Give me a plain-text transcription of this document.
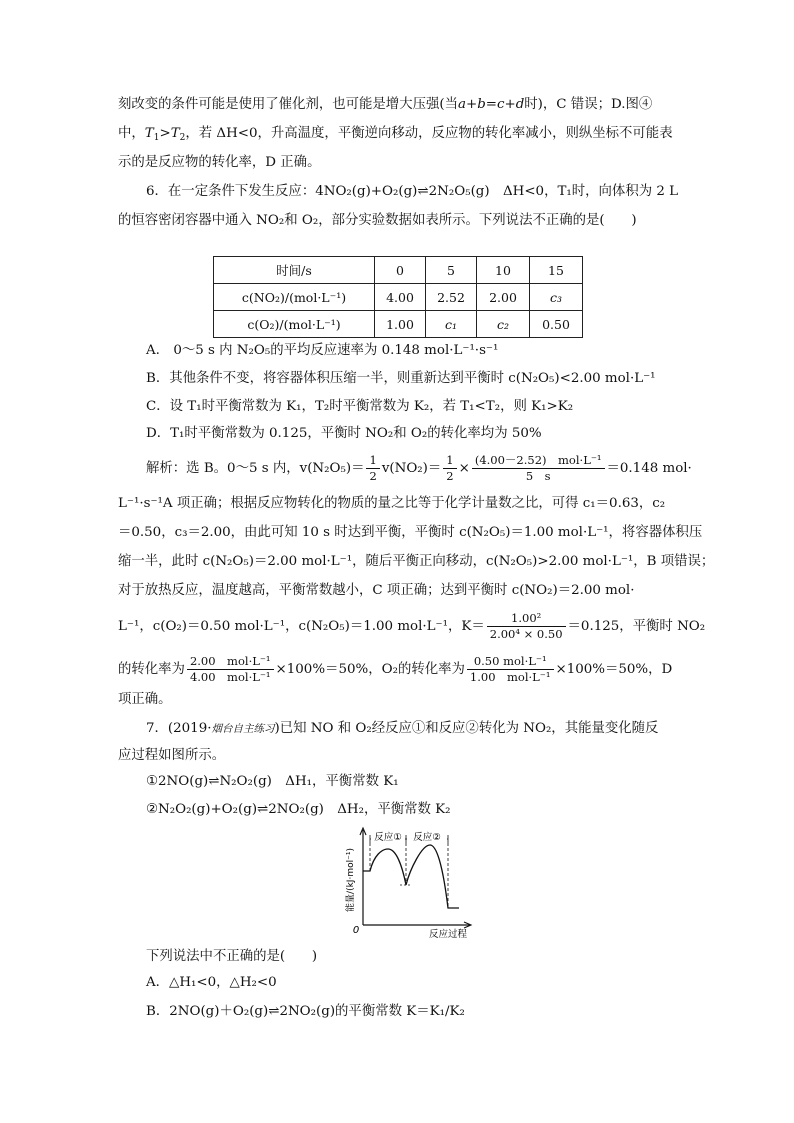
刻改变的条件可能是使用了催化剂，也可能是增大压强(当a+b=c+d时)，C 错误；D.图④
中，$T_1>T_2$，若 ΔH<0，升高温度，平衡逆向移动，反应物的转化率减小，则纵坐标不可能表
示的是反应物的转化率，D 正确。
6．在一定条件下发生反应：4NO₂(g)+O₂(g)⇌2N₂O₅(g)　ΔH<0，T₁时，向体积为 2 L
的恒容密闭容器中通入 NO₂和 O₂，部分实验数据如表所示。下列说法不正确的是(　　)
时间/s	0	5	10	15
c(NO₂)/(mol·L⁻¹)	4.00	2.52	2.00	c₃
c(O₂)/(mol·L⁻¹)	1.00	c₁	c₂	0.50
A.　0～5 s 内 N₂O₅的平均反应速率为 0.148 mol·L⁻¹·s⁻¹
B．其他条件不变，将容器体积压缩一半，则重新达到平衡时 c(N₂O₅)<2.00 mol·L⁻¹
C．设 T₁时平衡常数为 K₁，T₂时平衡常数为 K₂，若 T₁<T₂，则 K₁>K₂
D．T₁时平衡常数为 0.125，平衡时 NO₂和 O₂的转化率均为 50%
解析：选 B。0～5 s 内，$v(N_2O_5)= \frac{1}{2} v(NO_2)= \frac{1}{2} \times \frac{\text{(4.00－2.52)　mol·L⁻¹}}{5 s} =0.148$ mol·
L⁻¹·s⁻¹A 项正确；根据反应物转化的物质的量之比等于化学计量数之比，可得 c₁＝0.63，c₂
＝0.50，c₃＝2.00，由此可知 10 s 时达到平衡，平衡时 c(N₂O₅)＝1.00 mol·L⁻¹，将容器体积压
缩一半，此时 c(N₂O₅)＝2.00 mol·L⁻¹，随后平衡正向移动，c(N₂O₅)>2.00 mol·L⁻¹，B 项错误；
对于放热反应，温度越高，平衡常数越小，C 项正确；达到平衡时 c(NO₂)＝2.00 mol·
L⁻¹，c(O₂)＝0.50 mol·L⁻¹，c(N₂O₅)＝1.00 mol·L⁻¹，$K= \frac{\text{1.00²}}{\text{2.00⁴ × 0.50}} =0.125$，平衡时 NO₂
的转化率为 $\frac{\text{2.00　mol·L⁻¹}}{\text{4.00　mol·L⁻¹}} \times 100\%=50\%$，O₂的转化率为 $\frac{\text{0.50 mol·L⁻¹}}{\text{1.00　mol·L⁻¹}} \times 100\%=50\%$，D
项正确。
7．(2019·烟台自主练习)已知 NO 和 O₂经反应①和反应②转化为 NO₂，其能量变化随反
应过程如图所示。
①2NO(g)⇌N₂O₂(g)　ΔH₁，平衡常数 K₁
②N₂O₂(g)+O₂(g)⇌2NO₂(g)　ΔH₂，平衡常数 K₂
反应① 反应②
能量/(kJ·mol⁻¹)
反应过程
0
下列说法中不正确的是(　　)
A．△H₁<0，△H₂<0
B．2NO(g)＋O₂(g)⇌2NO₂(g)的平衡常数 K＝K₁/K₂
